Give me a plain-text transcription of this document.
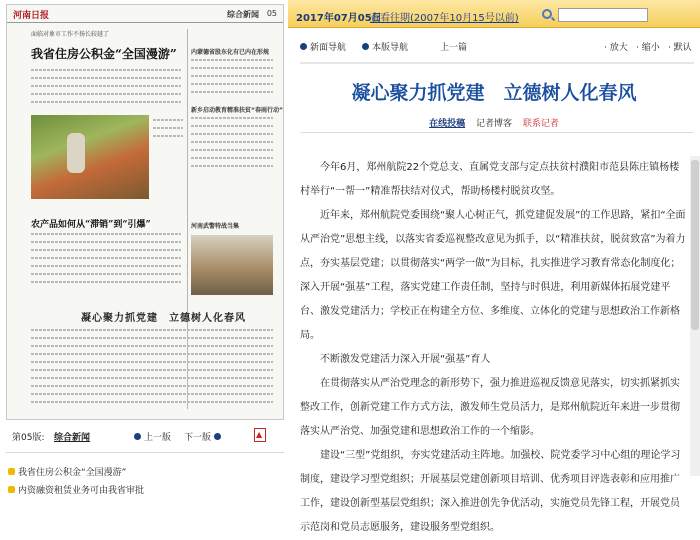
河南日报	综合新闻 05
面临对象市工作不扬长较越了
我省住房公积金“全国漫游”
农产品如何从“滞销”到“引爆”
内蒙德省股东化有已内在形规
新乡启动教育精准扶贫“春雨行动”
河南武警特战当集
凝心聚力抓党建　立德树人化春风
第05版: 综合新闻	上一版 下一版
▲
我省住房公积金“全国漫游”
内资融资租赁业务可由我省审批
2017年07月05日
查看往期(2007年10月15号以前)
新面导航	本版导航	上一篇	· 放大 · 缩小 · 默认
凝心聚力抓党建　立德树人化春风
在线投稿 记者博客 联系记者

今年6月，郑州航院22个党总支、直属党支部与定点扶贫村濮阳市范县陈庄镇杨楼村举行“一帮一”精准帮扶结对仪式，帮助杨楼村脱贫攻坚。

近年来，郑州航院党委围绕“聚人心树正气，抓党建促发展”的工作思路，紧扣“全面从严治党”思想主线，以落实省委巡视整改意见为抓手，以“精准扶贫，脱贫致富”为着力点，夯实基层党建；以贯彻落实“两学一做”为目标，扎实推进学习教育常态化制度化；深入开展“强基”工程，落实党建工作责任制，坚持与时俱进，利用新媒体拓展党建平台、激发党建活力；学校正在构建全方位、多维度、立体化的党建与思想政治工作新格局。

不断激发党建活力深入开展“强基”育人

在贯彻落实从严治党理念的新形势下，强力推进巡视反馈意见落实，切实抓紧抓实整改工作，创新党建工作方式方法，激发师生党员活力，是郑州航院近年来进一步贯彻落实从严治党、加强党建和思想政治工作的一个缩影。

建设“三型”党组织，夯实党建活动主阵地。加强校、院党委学习中心组的理论学习制度，建设学习型党组织；开展基层党建创新项目培训、优秀项目评选表彰和应用推广工作，建设创新型基层党组织；深入推进创先争优活动，实施党员先锋工程，开展党员示范岗和党员志愿服务，建设服务型党组织。
